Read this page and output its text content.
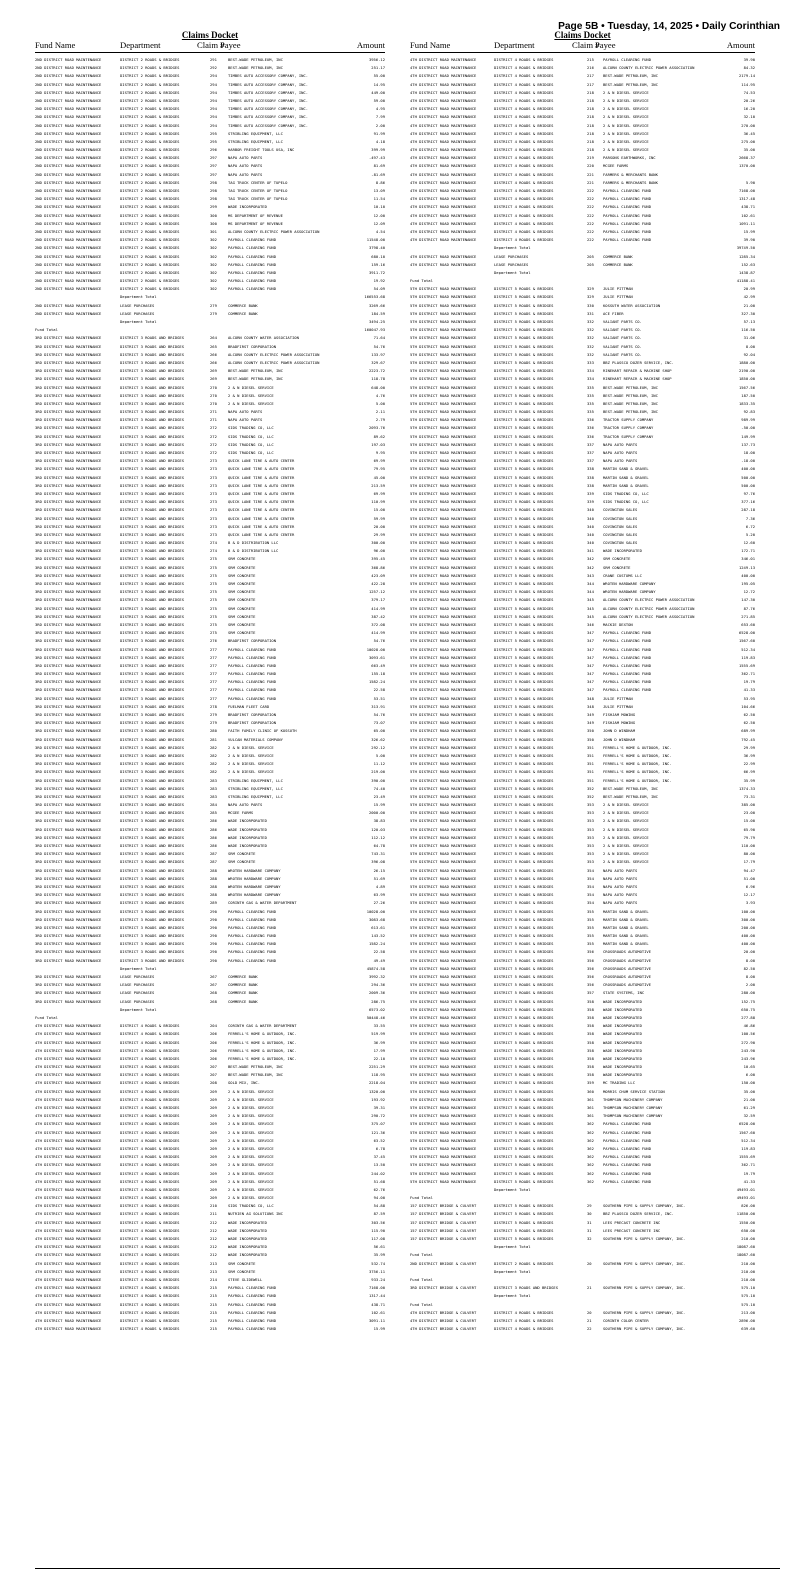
Page 5B • Tuesday, 14, 2025 • Daily Corinthian
Claims Docket
Fund Name	Department	Claim #
Payee	Amount
2ND DISTRICT ROAD MAINTENANCE	DISTRICT 2 ROADS & BRIDGES	291	BEST-WADE PETROLEUM, INC	3956.12
2ND DISTRICT ROAD MAINTENANCE	DISTRICT 2 ROADS & BRIDGES	292	BEST-WADE PETROLEUM, INC	251.17
2ND DISTRICT ROAD MAINTENANCE	DISTRICT 2 ROADS & BRIDGES	294	TIMBES AUTO ACCESSORY COMPANY, INC.	55.00
2ND DISTRICT ROAD MAINTENANCE	DISTRICT 2 ROADS & BRIDGES	294	TIMBES AUTO ACCESSORY COMPANY, INC.	14.95
2ND DISTRICT ROAD MAINTENANCE	DISTRICT 2 ROADS & BRIDGES	294	TIMBES AUTO ACCESSORY COMPANY, INC.	449.00
2ND DISTRICT ROAD MAINTENANCE	DISTRICT 2 ROADS & BRIDGES	294	TIMBES AUTO ACCESSORY COMPANY, INC.	59.00
2ND DISTRICT ROAD MAINTENANCE	DISTRICT 2 ROADS & BRIDGES	294	TIMBES AUTO ACCESSORY COMPANY, INC.	4.95
2ND DISTRICT ROAD MAINTENANCE	DISTRICT 2 ROADS & BRIDGES	294	TIMBES AUTO ACCESSORY COMPANY, INC.	7.99
2ND DISTRICT ROAD MAINTENANCE	DISTRICT 2 ROADS & BRIDGES	294	TIMBES AUTO ACCESSORY COMPANY, INC.	2.00
2ND DISTRICT ROAD MAINTENANCE	DISTRICT 2 ROADS & BRIDGES	295	STRIBLING EQUIPMENT, LLC	91.99
2ND DISTRICT ROAD MAINTENANCE	DISTRICT 2 ROADS & BRIDGES	295	STRIBLING EQUIPMENT, LLC	4.18
2ND DISTRICT ROAD MAINTENANCE	DISTRICT 2 ROADS & BRIDGES	296	HARBOR FREIGHT TOOLS USA, INC	399.99
2ND DISTRICT ROAD MAINTENANCE	DISTRICT 2 ROADS & BRIDGES	297	NAPA AUTO PARTS	-497.43
2ND DISTRICT ROAD MAINTENANCE	DISTRICT 2 ROADS & BRIDGES	297	NAPA AUTO PARTS	81.69
2ND DISTRICT ROAD MAINTENANCE	DISTRICT 2 ROADS & BRIDGES	297	NAPA AUTO PARTS	-81.69
2ND DISTRICT ROAD MAINTENANCE	DISTRICT 2 ROADS & BRIDGES	298	TAG TRUCK CENTER OF TUPELO	8.86
2ND DISTRICT ROAD MAINTENANCE	DISTRICT 2 ROADS & BRIDGES	298	TAG TRUCK CENTER OF TUPELO	13.09
2ND DISTRICT ROAD MAINTENANCE	DISTRICT 2 ROADS & BRIDGES	298	TAG TRUCK CENTER OF TUPELO	11.54
2ND DISTRICT ROAD MAINTENANCE	DISTRICT 2 ROADS & BRIDGES	299	WADE INCORPORATED	10.10
2ND DISTRICT ROAD MAINTENANCE	DISTRICT 2 ROADS & BRIDGES	300	MS DEPARTMENT OF REVENUE	12.00
2ND DISTRICT ROAD MAINTENANCE	DISTRICT 2 ROADS & BRIDGES	300	MS DEPARTMENT OF REVENUE	12.09
2ND DISTRICT ROAD MAINTENANCE	DISTRICT 2 ROADS & BRIDGES	301	ALCORN COUNTY ELECTRIC POWER ASSOCIATION	4.54
2ND DISTRICT ROAD MAINTENANCE	DISTRICT 2 ROADS & BRIDGES	302	PAYROLL CLEARING FUND	11548.00
2ND DISTRICT ROAD MAINTENANCE	DISTRICT 2 ROADS & BRIDGES	302	PAYROLL CLEARING FUND	3798.40
2ND DISTRICT ROAD MAINTENANCE	DISTRICT 2 ROADS & BRIDGES	302	PAYROLL CLEARING FUND	680.10
2ND DISTRICT ROAD MAINTENANCE	DISTRICT 2 ROADS & BRIDGES	302	PAYROLL CLEARING FUND	159.16
2ND DISTRICT ROAD MAINTENANCE	DISTRICT 2 ROADS & BRIDGES	302	PAYROLL CLEARING FUND	3911.72
2ND DISTRICT ROAD MAINTENANCE	DISTRICT 2 ROADS & BRIDGES	302	PAYROLL CLEARING FUND	19.92
2ND DISTRICT ROAD MAINTENANCE	DISTRICT 2 ROADS & BRIDGES	302	PAYROLL CLEARING FUND	54.09
Department Total	166553.68
2ND DISTRICT ROAD MAINTENANCE	LEASE PURCHASES	279	COMMERCE BANK	3269.66
2ND DISTRICT ROAD MAINTENANCE	LEASE PURCHASES	279	COMMERCE BANK	184.59
Department Total	3494.25
Fund Total	160047.93
3RD DISTRICT ROAD MAINTENANCE	DISTRICT 3 ROADS AND BRIDGES	264	ALCORN COUNTY WATER ASSOCIATION	71.64
3RD DISTRICT ROAD MAINTENANCE	DISTRICT 3 ROADS AND BRIDGES	265	BRADFIRST CORPORATION	54.76
3RD DISTRICT ROAD MAINTENANCE	DISTRICT 3 ROADS AND BRIDGES	266	ALCORN COUNTY ELECTRIC POWER ASSOCIATION	133.97
3RD DISTRICT ROAD MAINTENANCE	DISTRICT 3 ROADS AND BRIDGES	266	ALCORN COUNTY ELECTRIC POWER ASSOCIATION	329.67
3RD DISTRICT ROAD MAINTENANCE	DISTRICT 3 ROADS AND BRIDGES	269	BEST-WADE PETROLEUM, INC	2223.72
3RD DISTRICT ROAD MAINTENANCE	DISTRICT 3 ROADS AND BRIDGES	269	BEST-WADE PETROLEUM, INC	118.78
3RD DISTRICT ROAD MAINTENANCE	DISTRICT 3 ROADS AND BRIDGES	270	2 & N DIESEL SERVICE	648.00
3RD DISTRICT ROAD MAINTENANCE	DISTRICT 3 ROADS AND BRIDGES	270	2 & N DIESEL SERVICE	4.76
3RD DISTRICT ROAD MAINTENANCE	DISTRICT 3 ROADS AND BRIDGES	270	2 & N DIESEL SERVICE	5.00
3RD DISTRICT ROAD MAINTENANCE	DISTRICT 3 ROADS AND BRIDGES	271	NAPA AUTO PARTS	2.11
3RD DISTRICT ROAD MAINTENANCE	DISTRICT 3 ROADS AND BRIDGES	271	NAPA AUTO PARTS	2.79
3RD DISTRICT ROAD MAINTENANCE	DISTRICT 3 ROADS AND BRIDGES	272	SIDS TRADING CO, LLC	2093.76
3RD DISTRICT ROAD MAINTENANCE	DISTRICT 3 ROADS AND BRIDGES	272	SIDS TRADING CO, LLC	89.62
3RD DISTRICT ROAD MAINTENANCE	DISTRICT 3 ROADS AND BRIDGES	272	SIDS TRADING CO, LLC	197.03
3RD DISTRICT ROAD MAINTENANCE	DISTRICT 3 ROADS AND BRIDGES	272	SIDS TRADING CO, LLC	9.95
3RD DISTRICT ROAD MAINTENANCE	DISTRICT 3 ROADS AND BRIDGES	273	QUICK LANE TIRE & AUTO CENTER	69.99
3RD DISTRICT ROAD MAINTENANCE	DISTRICT 3 ROADS AND BRIDGES	273	QUICK LANE TIRE & AUTO CENTER	79.95
3RD DISTRICT ROAD MAINTENANCE	DISTRICT 3 ROADS AND BRIDGES	273	QUICK LANE TIRE & AUTO CENTER	45.00
3RD DISTRICT ROAD MAINTENANCE	DISTRICT 3 ROADS AND BRIDGES	273	QUICK LANE TIRE & AUTO CENTER	213.59
3RD DISTRICT ROAD MAINTENANCE	DISTRICT 3 ROADS AND BRIDGES	273	QUICK LANE TIRE & AUTO CENTER	69.99
3RD DISTRICT ROAD MAINTENANCE	DISTRICT 3 ROADS AND BRIDGES	273	QUICK LANE TIRE & AUTO CENTER	110.99
3RD DISTRICT ROAD MAINTENANCE	DISTRICT 3 ROADS AND BRIDGES	273	QUICK LANE TIRE & AUTO CENTER	15.00
3RD DISTRICT ROAD MAINTENANCE	DISTRICT 3 ROADS AND BRIDGES	273	QUICK LANE TIRE & AUTO CENTER	59.99
3RD DISTRICT ROAD MAINTENANCE	DISTRICT 3 ROADS AND BRIDGES	273	QUICK LANE TIRE & AUTO CENTER	20.00
3RD DISTRICT ROAD MAINTENANCE	DISTRICT 3 ROADS AND BRIDGES	273	QUICK LANE TIRE & AUTO CENTER	29.99
3RD DISTRICT ROAD MAINTENANCE	DISTRICT 3 ROADS AND BRIDGES	274	B & D DISTRIBUTION LLC	300.00
3RD DISTRICT ROAD MAINTENANCE	DISTRICT 3 ROADS AND BRIDGES	274	B & D DISTRIBUTION LLC	96.00
3RD DISTRICT ROAD MAINTENANCE	DISTRICT 3 ROADS AND BRIDGES	275	SRM CONCRETE	395.45
3RD DISTRICT ROAD MAINTENANCE	DISTRICT 3 ROADS AND BRIDGES	275	SRM CONCRETE	368.86
3RD DISTRICT ROAD MAINTENANCE	DISTRICT 3 ROADS AND BRIDGES	275	SRM CONCRETE	423.09
3RD DISTRICT ROAD MAINTENANCE	DISTRICT 3 ROADS AND BRIDGES	275	SRM CONCRETE	422.28
3RD DISTRICT ROAD MAINTENANCE	DISTRICT 3 ROADS AND BRIDGES	275	SRM CONCRETE	1257.12
3RD DISTRICT ROAD MAINTENANCE	DISTRICT 3 ROADS AND BRIDGES	275	SRM CONCRETE	379.17
3RD DISTRICT ROAD MAINTENANCE	DISTRICT 3 ROADS AND BRIDGES	275	SRM CONCRETE	414.99
3RD DISTRICT ROAD MAINTENANCE	DISTRICT 3 ROADS AND BRIDGES	275	SRM CONCRETE	387.42
3RD DISTRICT ROAD MAINTENANCE	DISTRICT 3 ROADS AND BRIDGES	275	SRM CONCRETE	372.08
3RD DISTRICT ROAD MAINTENANCE	DISTRICT 3 ROADS AND BRIDGES	275	SRM CONCRETE	414.99
3RD DISTRICT ROAD MAINTENANCE	DISTRICT 3 ROADS AND BRIDGES	276	BRADFIRST CORPORATION	54.76
3RD DISTRICT ROAD MAINTENANCE	DISTRICT 3 ROADS AND BRIDGES	277	PAYROLL CLEARING FUND	10028.00
3RD DISTRICT ROAD MAINTENANCE	DISTRICT 3 ROADS AND BRIDGES	277	PAYROLL CLEARING FUND	3093.61
3RD DISTRICT ROAD MAINTENANCE	DISTRICT 3 ROADS AND BRIDGES	277	PAYROLL CLEARING FUND	663.49
3RD DISTRICT ROAD MAINTENANCE	DISTRICT 3 ROADS AND BRIDGES	277	PAYROLL CLEARING FUND	155.18
3RD DISTRICT ROAD MAINTENANCE	DISTRICT 3 ROADS AND BRIDGES	277	PAYROLL CLEARING FUND	1582.24
3RD DISTRICT ROAD MAINTENANCE	DISTRICT 3 ROADS AND BRIDGES	277	PAYROLL CLEARING FUND	22.58
3RD DISTRICT ROAD MAINTENANCE	DISTRICT 3 ROADS AND BRIDGES	277	PAYROLL CLEARING FUND	53.51
3RD DISTRICT ROAD MAINTENANCE	DISTRICT 3 ROADS AND BRIDGES	278	FUELMAN FLEET CARD	313.91
3RD DISTRICT ROAD MAINTENANCE	DISTRICT 3 ROADS AND BRIDGES	279	BRADFIRST CORPORATION	54.76
3RD DISTRICT ROAD MAINTENANCE	DISTRICT 3 ROADS AND BRIDGES	279	BRADFIRST CORPORATION	73.07
3RD DISTRICT ROAD MAINTENANCE	DISTRICT 3 ROADS AND BRIDGES	280	FAITH FAMILY CLINIC OF KOSSUTH	65.00
3RD DISTRICT ROAD MAINTENANCE	DISTRICT 3 ROADS AND BRIDGES	281	VULCAN MATERIALS COMPANY	326.62
3RD DISTRICT ROAD MAINTENANCE	DISTRICT 3 ROADS AND BRIDGES	282	2 & N DIESEL SERVICE	292.12
3RD DISTRICT ROAD MAINTENANCE	DISTRICT 3 ROADS AND BRIDGES	282	2 & N DIESEL SERVICE	5.00
3RD DISTRICT ROAD MAINTENANCE	DISTRICT 3 ROADS AND BRIDGES	282	2 & N DIESEL SERVICE	11.12
3RD DISTRICT ROAD MAINTENANCE	DISTRICT 3 ROADS AND BRIDGES	282	2 & N DIESEL SERVICE	219.00
3RD DISTRICT ROAD MAINTENANCE	DISTRICT 3 ROADS AND BRIDGES	283	STRIBLING EQUIPMENT, LLC	390.00
3RD DISTRICT ROAD MAINTENANCE	DISTRICT 3 ROADS AND BRIDGES	283	STRIBLING EQUIPMENT, LLC	74.40
3RD DISTRICT ROAD MAINTENANCE	DISTRICT 3 ROADS AND BRIDGES	283	STRIBLING EQUIPMENT, LLC	23.49
3RD DISTRICT ROAD MAINTENANCE	DISTRICT 3 ROADS AND BRIDGES	284	NAPA AUTO PARTS	15.99
3RD DISTRICT ROAD MAINTENANCE	DISTRICT 3 ROADS AND BRIDGES	285	MCGEE FARMS	2000.00
3RD DISTRICT ROAD MAINTENANCE	DISTRICT 3 ROADS AND BRIDGES	286	WADE INCORPORATED	38.83
3RD DISTRICT ROAD MAINTENANCE	DISTRICT 3 ROADS AND BRIDGES	286	WADE INCORPORATED	120.03
3RD DISTRICT ROAD MAINTENANCE	DISTRICT 3 ROADS AND BRIDGES	286	WADE INCORPORATED	112.12
3RD DISTRICT ROAD MAINTENANCE	DISTRICT 3 ROADS AND BRIDGES	286	WADE INCORPORATED	64.78
3RD DISTRICT ROAD MAINTENANCE	DISTRICT 3 ROADS AND BRIDGES	287	SRM CONCRETE	743.31
3RD DISTRICT ROAD MAINTENANCE	DISTRICT 3 ROADS AND BRIDGES	287	SRM CONCRETE	396.08
3RD DISTRICT ROAD MAINTENANCE	DISTRICT 3 ROADS AND BRIDGES	288	WROTEN HARDWARE COMPANY	26.15
3RD DISTRICT ROAD MAINTENANCE	DISTRICT 3 ROADS AND BRIDGES	288	WROTEN HARDWARE COMPANY	51.69
3RD DISTRICT ROAD MAINTENANCE	DISTRICT 3 ROADS AND BRIDGES	288	WROTEN HARDWARE COMPANY	4.89
3RD DISTRICT ROAD MAINTENANCE	DISTRICT 3 ROADS AND BRIDGES	288	WROTEN HARDWARE COMPANY	63.99
3RD DISTRICT ROAD MAINTENANCE	DISTRICT 3 ROADS AND BRIDGES	289	CORINTH GAS & WATER DEPARTMENT	27.26
3RD DISTRICT ROAD MAINTENANCE	DISTRICT 3 ROADS AND BRIDGES	290	PAYROLL CLEARING FUND	10028.00
3RD DISTRICT ROAD MAINTENANCE	DISTRICT 3 ROADS AND BRIDGES	290	PAYROLL CLEARING FUND	3083.68
3RD DISTRICT ROAD MAINTENANCE	DISTRICT 3 ROADS AND BRIDGES	290	PAYROLL CLEARING FUND	613.61
3RD DISTRICT ROAD MAINTENANCE	DISTRICT 3 ROADS AND BRIDGES	290	PAYROLL CLEARING FUND	143.52
3RD DISTRICT ROAD MAINTENANCE	DISTRICT 3 ROADS AND BRIDGES	290	PAYROLL CLEARING FUND	1582.24
3RD DISTRICT ROAD MAINTENANCE	DISTRICT 3 ROADS AND BRIDGES	290	PAYROLL CLEARING FUND	22.58
3RD DISTRICT ROAD MAINTENANCE	DISTRICT 3 ROADS AND BRIDGES	290	PAYROLL CLEARING FUND	49.49
Department Total	45874.58
3RD DISTRICT ROAD MAINTENANCE	LEASE PURCHASES	267	COMMERCE BANK	3992.32
3RD DISTRICT ROAD MAINTENANCE	LEASE PURCHASES	267	COMMERCE BANK	294.36
3RD DISTRICT ROAD MAINTENANCE	LEASE PURCHASES	268	COMMERCE BANK	2009.36
3RD DISTRICT ROAD MAINTENANCE	LEASE PURCHASES	268	COMMERCE BANK	286.75
Department Total	6573.02
Fund Total	50448.46
4TH DISTRICT ROAD MAINTENANCE	DISTRICT 4 ROADS & BRIDGES	204	CORINTH GAS & WATER DEPARTMENT	33.55
4TH DISTRICT ROAD MAINTENANCE	DISTRICT 4 ROADS & BRIDGES	206	FERRELL'S HOME & OUTDOOR, INC.	519.99
4TH DISTRICT ROAD MAINTENANCE	DISTRICT 4 ROADS & BRIDGES	206	FERRELL'S HOME & OUTDOOR, INC.	36.99
4TH DISTRICT ROAD MAINTENANCE	DISTRICT 4 ROADS & BRIDGES	206	FERRELL'S HOME & OUTDOOR, INC.	17.99
4TH DISTRICT ROAD MAINTENANCE	DISTRICT 4 ROADS & BRIDGES	206	FERRELL'S HOME & OUTDOOR, INC.	22.10
4TH DISTRICT ROAD MAINTENANCE	DISTRICT 4 ROADS & BRIDGES	207	BEST-WADE PETROLEUM, INC	2251.29
4TH DISTRICT ROAD MAINTENANCE	DISTRICT 4 ROADS & BRIDGES	207	BEST-WADE PETROLEUM, INC	118.95
4TH DISTRICT ROAD MAINTENANCE	DISTRICT 4 ROADS & BRIDGES	208	GOLD MIX, INC.	2218.04
4TH DISTRICT ROAD MAINTENANCE	DISTRICT 4 ROADS & BRIDGES	209	2 & N DIESEL SERVICE	1320.00
4TH DISTRICT ROAD MAINTENANCE	DISTRICT 4 ROADS & BRIDGES	209	2 & N DIESEL SERVICE	193.92
4TH DISTRICT ROAD MAINTENANCE	DISTRICT 4 ROADS & BRIDGES	209	2 & N DIESEL SERVICE	39.31
4TH DISTRICT ROAD MAINTENANCE	DISTRICT 4 ROADS & BRIDGES	209	2 & N DIESEL SERVICE	290.72
4TH DISTRICT ROAD MAINTENANCE	DISTRICT 4 ROADS & BRIDGES	209	2 & N DIESEL SERVICE	375.07
4TH DISTRICT ROAD MAINTENANCE	DISTRICT 4 ROADS & BRIDGES	209	2 & N DIESEL SERVICE	121.36
4TH DISTRICT ROAD MAINTENANCE	DISTRICT 4 ROADS & BRIDGES	209	2 & N DIESEL SERVICE	63.52
4TH DISTRICT ROAD MAINTENANCE	DISTRICT 4 ROADS & BRIDGES	209	2 & N DIESEL SERVICE	6.78
4TH DISTRICT ROAD MAINTENANCE	DISTRICT 4 ROADS & BRIDGES	209	2 & N DIESEL SERVICE	37.45
4TH DISTRICT ROAD MAINTENANCE	DISTRICT 4 ROADS & BRIDGES	209	2 & N DIESEL SERVICE	13.50
4TH DISTRICT ROAD MAINTENANCE	DISTRICT 4 ROADS & BRIDGES	209	2 & N DIESEL SERVICE	244.02
4TH DISTRICT ROAD MAINTENANCE	DISTRICT 4 ROADS & BRIDGES	209	2 & N DIESEL SERVICE	51.68
4TH DISTRICT ROAD MAINTENANCE	DISTRICT 4 ROADS & BRIDGES	209	2 & N DIESEL SERVICE	62.76
4TH DISTRICT ROAD MAINTENANCE	DISTRICT 4 ROADS & BRIDGES	209	2 & N DIESEL SERVICE	94.00
4TH DISTRICT ROAD MAINTENANCE	DISTRICT 4 ROADS & BRIDGES	210	SIDS TRADING CO, LLC	54.88
4TH DISTRICT ROAD MAINTENANCE	DISTRICT 4 ROADS & BRIDGES	211	NUTRIEN AG SOLUTIONS INC	87.59
4TH DISTRICT ROAD MAINTENANCE	DISTRICT 4 ROADS & BRIDGES	212	WADE INCORPORATED	303.56
4TH DISTRICT ROAD MAINTENANCE	DISTRICT 4 ROADS & BRIDGES	212	WADE INCORPORATED	115.90
4TH DISTRICT ROAD MAINTENANCE	DISTRICT 4 ROADS & BRIDGES	212	WADE INCORPORATED	117.08
4TH DISTRICT ROAD MAINTENANCE	DISTRICT 4 ROADS & BRIDGES	212	WADE INCORPORATED	56.61
4TH DISTRICT ROAD MAINTENANCE	DISTRICT 4 ROADS & BRIDGES	212	WADE INCORPORATED	35.99
4TH DISTRICT ROAD MAINTENANCE	DISTRICT 4 ROADS & BRIDGES	213	SRM CONCRETE	532.74
4TH DISTRICT ROAD MAINTENANCE	DISTRICT 4 ROADS & BRIDGES	213	SRM CONCRETE	3756.11
4TH DISTRICT ROAD MAINTENANCE	DISTRICT 4 ROADS & BRIDGES	214	STEVE GLIDEWELL	933.24
4TH DISTRICT ROAD MAINTENANCE	DISTRICT 4 ROADS & BRIDGES	215	PAYROLL CLEARING FUND	7168.00
4TH DISTRICT ROAD MAINTENANCE	DISTRICT 4 ROADS & BRIDGES	215	PAYROLL CLEARING FUND	1317.44
4TH DISTRICT ROAD MAINTENANCE	DISTRICT 4 ROADS & BRIDGES	215	PAYROLL CLEARING FUND	438.71
4TH DISTRICT ROAD MAINTENANCE	DISTRICT 4 ROADS & BRIDGES	215	PAYROLL CLEARING FUND	102.61
4TH DISTRICT ROAD MAINTENANCE	DISTRICT 4 ROADS & BRIDGES	215	PAYROLL CLEARING FUND	3091.11
4TH DISTRICT ROAD MAINTENANCE	DISTRICT 4 ROADS & BRIDGES	215	PAYROLL CLEARING FUND	15.99
Claims Docket
Fund Name	Department	Claim #
Payee	Amount
4TH DISTRICT ROAD MAINTENANCE	DISTRICT 4 ROADS & BRIDGES	215 PAYROLL CLEARING FUND	39.90
4TH DISTRICT ROAD MAINTENANCE	DISTRICT 4 ROADS & BRIDGES	216 ALCORN COUNTY ELECTRIC POWER ASSOCIATION	84.32
4TH DISTRICT ROAD MAINTENANCE	DISTRICT 4 ROADS & BRIDGES	217 BEST-WADE PETROLEUM, INC	2179.14
4TH DISTRICT ROAD MAINTENANCE	DISTRICT 4 ROADS & BRIDGES	217 BEST-WADE PETROLEUM, INC	114.95
4TH DISTRICT ROAD MAINTENANCE	DISTRICT 4 ROADS & BRIDGES	218 2 & N DIESEL SERVICE	74.53
4TH DISTRICT ROAD MAINTENANCE	DISTRICT 4 ROADS & BRIDGES	218 2 & N DIESEL SERVICE	20.26
4TH DISTRICT ROAD MAINTENANCE	DISTRICT 4 ROADS & BRIDGES	218 2 & N DIESEL SERVICE	16.20
4TH DISTRICT ROAD MAINTENANCE	DISTRICT 4 ROADS & BRIDGES	218 2 & N DIESEL SERVICE	32.10
4TH DISTRICT ROAD MAINTENANCE	DISTRICT 4 ROADS & BRIDGES	218 2 & N DIESEL SERVICE	270.00
4TH DISTRICT ROAD MAINTENANCE	DISTRICT 4 ROADS & BRIDGES	218 2 & N DIESEL SERVICE	36.45
4TH DISTRICT ROAD MAINTENANCE	DISTRICT 4 ROADS & BRIDGES	218 2 & N DIESEL SERVICE	275.00
4TH DISTRICT ROAD MAINTENANCE	DISTRICT 4 ROADS & BRIDGES	218 2 & N DIESEL SERVICE	35.00
4TH DISTRICT ROAD MAINTENANCE	DISTRICT 4 ROADS & BRIDGES	219 PARSONS EARTHWORKS, INC	2668.37
4TH DISTRICT ROAD MAINTENANCE	DISTRICT 4 ROADS & BRIDGES	220 MCGEE FARMS	1370.00
4TH DISTRICT ROAD MAINTENANCE	DISTRICT 4 ROADS & BRIDGES	221 FARMERS & MERCHANTS BANK
4TH DISTRICT ROAD MAINTENANCE	DISTRICT 4 ROADS & BRIDGES	221 FARMERS & MERCHANTS BANK	5.90
4TH DISTRICT ROAD MAINTENANCE	DISTRICT 4 ROADS & BRIDGES	222 PAYROLL CLEARING FUND	7168.00
4TH DISTRICT ROAD MAINTENANCE	DISTRICT 4 ROADS & BRIDGES	222 PAYROLL CLEARING FUND	1317.48
4TH DISTRICT ROAD MAINTENANCE	DISTRICT 4 ROADS & BRIDGES	222 PAYROLL CLEARING FUND	438.71
4TH DISTRICT ROAD MAINTENANCE	DISTRICT 4 ROADS & BRIDGES	222 PAYROLL CLEARING FUND	102.61
4TH DISTRICT ROAD MAINTENANCE	DISTRICT 4 ROADS & BRIDGES	222 PAYROLL CLEARING FUND	1091.11
4TH DISTRICT ROAD MAINTENANCE	DISTRICT 4 ROADS & BRIDGES	222 PAYROLL CLEARING FUND	15.99
4TH DISTRICT ROAD MAINTENANCE	DISTRICT 4 ROADS & BRIDGES	222 PAYROLL CLEARING FUND	39.90
Department Total	39749.50
4TH DISTRICT ROAD MAINTENANCE	LEASE PURCHASES	205 COMMERCE BANK	1285.34
4TH DISTRICT ROAD MAINTENANCE	LEASE PURCHASES	205 COMMERCE BANK	152.63
Department Total	1438.87
Fund Total	41188.41
5TH DISTRICT ROAD MAINTENANCE	DISTRICT 5 ROADS & BRIDGES	329 JULIE PITTMAN	20.99
5TH DISTRICT ROAD MAINTENANCE	DISTRICT 5 ROADS & BRIDGES	329 JULIE PITTMAN	42.99
5TH DISTRICT ROAD MAINTENANCE	DISTRICT 5 ROADS & BRIDGES	330 KOSSUTH WATER ASSOCIATION	21.00
5TH DISTRICT ROAD MAINTENANCE	DISTRICT 5 ROADS & BRIDGES	331 ACE FIBER	327.30
5TH DISTRICT ROAD MAINTENANCE	DISTRICT 5 ROADS & BRIDGES	332 VALIANT PARTS CO.	57.13
5TH DISTRICT ROAD MAINTENANCE	DISTRICT 5 ROADS & BRIDGES	332 VALIANT PARTS CO.	116.50
5TH DISTRICT ROAD MAINTENANCE	DISTRICT 5 ROADS & BRIDGES	332 VALIANT PARTS CO.	31.06
5TH DISTRICT ROAD MAINTENANCE	DISTRICT 5 ROADS & BRIDGES	332 VALIANT PARTS CO.	8.00
5TH DISTRICT ROAD MAINTENANCE	DISTRICT 5 ROADS & BRIDGES	332 VALIANT PARTS CO.	92.04
5TH DISTRICT ROAD MAINTENANCE	DISTRICT 5 ROADS & BRIDGES	333 BBZ PLASSCO DOZER SERVICE, INC.	1880.00
5TH DISTRICT ROAD MAINTENANCE	DISTRICT 5 ROADS & BRIDGES	334 RINEHART REPAIR & MACHINE SHOP	2190.00
5TH DISTRICT ROAD MAINTENANCE	DISTRICT 5 ROADS & BRIDGES	334 RINEHART REPAIR & MACHINE SHOP	1850.00
5TH DISTRICT ROAD MAINTENANCE	DISTRICT 5 ROADS & BRIDGES	335 BEST-WADE PETROLEUM, INC	1567.56
5TH DISTRICT ROAD MAINTENANCE	DISTRICT 5 ROADS & BRIDGES	335 BEST-WADE PETROLEUM, INC	187.50
5TH DISTRICT ROAD MAINTENANCE	DISTRICT 5 ROADS & BRIDGES	335 BEST-WADE PETROLEUM, INC	1833.35
5TH DISTRICT ROAD MAINTENANCE	DISTRICT 5 ROADS & BRIDGES	335 BEST-WADE PETROLEUM, INC	92.83
5TH DISTRICT ROAD MAINTENANCE	DISTRICT 5 ROADS & BRIDGES	336 TRACTOR SUPPLY COMPANY	989.99
5TH DISTRICT ROAD MAINTENANCE	DISTRICT 5 ROADS & BRIDGES	336 TRACTOR SUPPLY COMPANY	-50.00
5TH DISTRICT ROAD MAINTENANCE	DISTRICT 5 ROADS & BRIDGES	336 TRACTOR SUPPLY COMPANY	149.99
5TH DISTRICT ROAD MAINTENANCE	DISTRICT 5 ROADS & BRIDGES	337 NAPA AUTO PARTS	137.73
5TH DISTRICT ROAD MAINTENANCE	DISTRICT 5 ROADS & BRIDGES	337 NAPA AUTO PARTS	18.00
5TH DISTRICT ROAD MAINTENANCE	DISTRICT 5 ROADS & BRIDGES	337 NAPA AUTO PARTS	-18.00
5TH DISTRICT ROAD MAINTENANCE	DISTRICT 5 ROADS & BRIDGES	338 MARTIN SAND & GRAVEL	400.00
5TH DISTRICT ROAD MAINTENANCE	DISTRICT 5 ROADS & BRIDGES	338 MARTIN SAND & GRAVEL	500.00
5TH DISTRICT ROAD MAINTENANCE	DISTRICT 5 ROADS & BRIDGES	338 MARTIN SAND & GRAVEL	500.00
5TH DISTRICT ROAD MAINTENANCE	DISTRICT 5 ROADS & BRIDGES	339 SIDS TRADING CO, LLC	97.76
5TH DISTRICT ROAD MAINTENANCE	DISTRICT 5 ROADS & BRIDGES	339 SIDS TRADING CO, LLC	377.16
5TH DISTRICT ROAD MAINTENANCE	DISTRICT 5 ROADS & BRIDGES	340 COVINGTON SALES	287.18
5TH DISTRICT ROAD MAINTENANCE	DISTRICT 5 ROADS & BRIDGES	340 COVINGTON SALES	7.36
5TH DISTRICT ROAD MAINTENANCE	DISTRICT 5 ROADS & BRIDGES	340 COVINGTON SALES	6.72
5TH DISTRICT ROAD MAINTENANCE	DISTRICT 5 ROADS & BRIDGES	340 COVINGTON SALES	5.20
5TH DISTRICT ROAD MAINTENANCE	DISTRICT 5 ROADS & BRIDGES	340 COVINGTON SALES	12.60
5TH DISTRICT ROAD MAINTENANCE	DISTRICT 5 ROADS & BRIDGES	341 WADE INCORPORATED	172.71
5TH DISTRICT ROAD MAINTENANCE	DISTRICT 5 ROADS & BRIDGES	342 SRM CONCRETE	346.01
5TH DISTRICT ROAD MAINTENANCE	DISTRICT 5 ROADS & BRIDGES	342 SRM CONCRETE	1249.13
5TH DISTRICT ROAD MAINTENANCE	DISTRICT 5 ROADS & BRIDGES	343 CRANE CUSTOMS LLC	400.00
5TH DISTRICT ROAD MAINTENANCE	DISTRICT 5 ROADS & BRIDGES	344 WROTEN HARDWARE COMPANY	195.05
5TH DISTRICT ROAD MAINTENANCE	DISTRICT 5 ROADS & BRIDGES	344 WROTEN HARDWARE COMPANY	12.72
5TH DISTRICT ROAD MAINTENANCE	DISTRICT 5 ROADS & BRIDGES	345 ALCORN COUNTY ELECTRIC POWER ASSOCIATION	147.30
5TH DISTRICT ROAD MAINTENANCE	DISTRICT 5 ROADS & BRIDGES	345 ALCORN COUNTY ELECTRIC POWER ASSOCIATION	87.76
5TH DISTRICT ROAD MAINTENANCE	DISTRICT 5 ROADS & BRIDGES	345 ALCORN COUNTY ELECTRIC POWER ASSOCIATION	271.85
5TH DISTRICT ROAD MAINTENANCE	DISTRICT 5 ROADS & BRIDGES	346 MACKIE DEXTON	653.60
5TH DISTRICT ROAD MAINTENANCE	DISTRICT 5 ROADS & BRIDGES	347 PAYROLL CLEARING FUND	6528.00
5TH DISTRICT ROAD MAINTENANCE	DISTRICT 5 ROADS & BRIDGES	347 PAYROLL CLEARING FUND	1567.60
5TH DISTRICT ROAD MAINTENANCE	DISTRICT 5 ROADS & BRIDGES	347 PAYROLL CLEARING FUND	512.34
5TH DISTRICT ROAD MAINTENANCE	DISTRICT 5 ROADS & BRIDGES	347 PAYROLL CLEARING FUND	119.83
5TH DISTRICT ROAD MAINTENANCE	DISTRICT 5 ROADS & BRIDGES	347 PAYROLL CLEARING FUND	1555.69
5TH DISTRICT ROAD MAINTENANCE	DISTRICT 5 ROADS & BRIDGES	347 PAYROLL CLEARING FUND	362.71
5TH DISTRICT ROAD MAINTENANCE	DISTRICT 5 ROADS & BRIDGES	347 PAYROLL CLEARING FUND	19.79
5TH DISTRICT ROAD MAINTENANCE	DISTRICT 5 ROADS & BRIDGES	347 PAYROLL CLEARING FUND	41.33
5TH DISTRICT ROAD MAINTENANCE	DISTRICT 5 ROADS & BRIDGES	348 JULIE PITTMAN	53.95
5TH DISTRICT ROAD MAINTENANCE	DISTRICT 5 ROADS & BRIDGES	348 JULIE PITTMAN	104.66
5TH DISTRICT ROAD MAINTENANCE	DISTRICT 5 ROADS & BRIDGES	349 FISHJAM MOWING	62.50
5TH DISTRICT ROAD MAINTENANCE	DISTRICT 5 ROADS & BRIDGES	349 FISHJAM MOWING	62.50
5TH DISTRICT ROAD MAINTENANCE	DISTRICT 5 ROADS & BRIDGES	350 JOHN D WINDHAM	689.99
5TH DISTRICT ROAD MAINTENANCE	DISTRICT 5 ROADS & BRIDGES	350 JOHN D WINDHAM	792.45
5TH DISTRICT ROAD MAINTENANCE	DISTRICT 5 ROADS & BRIDGES	351 FERRELL'S HOME & OUTDOOR, INC.	29.99
5TH DISTRICT ROAD MAINTENANCE	DISTRICT 5 ROADS & BRIDGES	351 FERRELL'S HOME & OUTDOOR, INC.	36.99
5TH DISTRICT ROAD MAINTENANCE	DISTRICT 5 ROADS & BRIDGES	351 FERRELL'S HOME & OUTDOOR, INC.	22.99
5TH DISTRICT ROAD MAINTENANCE	DISTRICT 5 ROADS & BRIDGES	351 FERRELL'S HOME & OUTDOOR, INC.	66.99
5TH DISTRICT ROAD MAINTENANCE	DISTRICT 5 ROADS & BRIDGES	351 FERRELL'S HOME & OUTDOOR, INC.	35.99
5TH DISTRICT ROAD MAINTENANCE	DISTRICT 5 ROADS & BRIDGES	352 BEST-WADE PETROLEUM, INC	1374.33
5TH DISTRICT ROAD MAINTENANCE	DISTRICT 5 ROADS & BRIDGES	352 BEST-WADE PETROLEUM, INC	73.31
5TH DISTRICT ROAD MAINTENANCE	DISTRICT 5 ROADS & BRIDGES	353 2 & N DIESEL SERVICE	385.00
5TH DISTRICT ROAD MAINTENANCE	DISTRICT 5 ROADS & BRIDGES	353 2 & N DIESEL SERVICE	23.00
5TH DISTRICT ROAD MAINTENANCE	DISTRICT 5 ROADS & BRIDGES	353 2 & N DIESEL SERVICE	15.00
5TH DISTRICT ROAD MAINTENANCE	DISTRICT 5 ROADS & BRIDGES	353 2 & N DIESEL SERVICE	65.90
5TH DISTRICT ROAD MAINTENANCE	DISTRICT 5 ROADS & BRIDGES	353 2 & N DIESEL SERVICE	79.79
5TH DISTRICT ROAD MAINTENANCE	DISTRICT 5 ROADS & BRIDGES	353 2 & N DIESEL SERVICE	110.00
5TH DISTRICT ROAD MAINTENANCE	DISTRICT 5 ROADS & BRIDGES	353 2 & N DIESEL SERVICE	80.00
5TH DISTRICT ROAD MAINTENANCE	DISTRICT 5 ROADS & BRIDGES	353 2 & N DIESEL SERVICE	17.79
5TH DISTRICT ROAD MAINTENANCE	DISTRICT 5 ROADS & BRIDGES	354 NAPA AUTO PARTS	94.47
5TH DISTRICT ROAD MAINTENANCE	DISTRICT 5 ROADS & BRIDGES	354 NAPA AUTO PARTS	51.00
5TH DISTRICT ROAD MAINTENANCE	DISTRICT 5 ROADS & BRIDGES	354 NAPA AUTO PARTS	6.96
5TH DISTRICT ROAD MAINTENANCE	DISTRICT 5 ROADS & BRIDGES	354 NAPA AUTO PARTS	12.17
5TH DISTRICT ROAD MAINTENANCE	DISTRICT 5 ROADS & BRIDGES	354 NAPA AUTO PARTS	3.93
5TH DISTRICT ROAD MAINTENANCE	DISTRICT 5 ROADS & BRIDGES	355 MARTIN SAND & GRAVEL	100.00
5TH DISTRICT ROAD MAINTENANCE	DISTRICT 5 ROADS & BRIDGES	355 MARTIN SAND & GRAVEL	300.00
5TH DISTRICT ROAD MAINTENANCE	DISTRICT 5 ROADS & BRIDGES	355 MARTIN SAND & GRAVEL	200.00
5TH DISTRICT ROAD MAINTENANCE	DISTRICT 5 ROADS & BRIDGES	355 MARTIN SAND & GRAVEL	400.00
5TH DISTRICT ROAD MAINTENANCE	DISTRICT 5 ROADS & BRIDGES	355 MARTIN SAND & GRAVEL	400.00
5TH DISTRICT ROAD MAINTENANCE	DISTRICT 5 ROADS & BRIDGES	356 CROSSROADS AUTOMOTIVE	20.00
5TH DISTRICT ROAD MAINTENANCE	DISTRICT 5 ROADS & BRIDGES	356 CROSSROADS AUTOMOTIVE	8.00
5TH DISTRICT ROAD MAINTENANCE	DISTRICT 5 ROADS & BRIDGES	356 CROSSROADS AUTOMOTIVE	82.50
5TH DISTRICT ROAD MAINTENANCE	DISTRICT 5 ROADS & BRIDGES	356 CROSSROADS AUTOMOTIVE	8.00
5TH DISTRICT ROAD MAINTENANCE	DISTRICT 5 ROADS & BRIDGES	356 CROSSROADS AUTOMOTIVE	2.00
5TH DISTRICT ROAD MAINTENANCE	DISTRICT 5 ROADS & BRIDGES	357 STATE SYSTEMS, INC	280.00
5TH DISTRICT ROAD MAINTENANCE	DISTRICT 5 ROADS & BRIDGES	358 WADE INCORPORATED	152.75
5TH DISTRICT ROAD MAINTENANCE	DISTRICT 5 ROADS & BRIDGES	358 WADE INCORPORATED	650.75
5TH DISTRICT ROAD MAINTENANCE	DISTRICT 5 ROADS & BRIDGES	358 WADE INCORPORATED	277.88
5TH DISTRICT ROAD MAINTENANCE	DISTRICT 5 ROADS & BRIDGES	358 WADE INCORPORATED	46.86
5TH DISTRICT ROAD MAINTENANCE	DISTRICT 5 ROADS & BRIDGES	358 WADE INCORPORATED	100.56
5TH DISTRICT ROAD MAINTENANCE	DISTRICT 5 ROADS & BRIDGES	358 WADE INCORPORATED	272.90
5TH DISTRICT ROAD MAINTENANCE	DISTRICT 5 ROADS & BRIDGES	358 WADE INCORPORATED	243.90
5TH DISTRICT ROAD MAINTENANCE	DISTRICT 5 ROADS & BRIDGES	358 WADE INCORPORATED	243.96
5TH DISTRICT ROAD MAINTENANCE	DISTRICT 5 ROADS & BRIDGES	358 WADE INCORPORATED	10.65
5TH DISTRICT ROAD MAINTENANCE	DISTRICT 5 ROADS & BRIDGES	358 WADE INCORPORATED	6.00
5TH DISTRICT ROAD MAINTENANCE	DISTRICT 5 ROADS & BRIDGES	359 MC TRADING LLC	150.00
5TH DISTRICT ROAD MAINTENANCE	DISTRICT 5 ROADS & BRIDGES	360 MORRIS CHUM SERVICE STATION	35.00
5TH DISTRICT ROAD MAINTENANCE	DISTRICT 5 ROADS & BRIDGES	361 THOMPSON MACHINERY COMPANY	21.00
5TH DISTRICT ROAD MAINTENANCE	DISTRICT 5 ROADS & BRIDGES	361 THOMPSON MACHINERY COMPANY	61.29
5TH DISTRICT ROAD MAINTENANCE	DISTRICT 5 ROADS & BRIDGES	361 THOMPSON MACHINERY COMPANY	32.59
5TH DISTRICT ROAD MAINTENANCE	DISTRICT 5 ROADS & BRIDGES	362 PAYROLL CLEARING FUND	6528.00
5TH DISTRICT ROAD MAINTENANCE	DISTRICT 5 ROADS & BRIDGES	362 PAYROLL CLEARING FUND	1567.60
5TH DISTRICT ROAD MAINTENANCE	DISTRICT 5 ROADS & BRIDGES	362 PAYROLL CLEARING FUND	512.34
5TH DISTRICT ROAD MAINTENANCE	DISTRICT 5 ROADS & BRIDGES	362 PAYROLL CLEARING FUND	119.83
5TH DISTRICT ROAD MAINTENANCE	DISTRICT 5 ROADS & BRIDGES	362 PAYROLL CLEARING FUND	1555.69
5TH DISTRICT ROAD MAINTENANCE	DISTRICT 5 ROADS & BRIDGES	362 PAYROLL CLEARING FUND	362.71
5TH DISTRICT ROAD MAINTENANCE	DISTRICT 5 ROADS & BRIDGES	362 PAYROLL CLEARING FUND	19.79
5TH DISTRICT ROAD MAINTENANCE	DISTRICT 5 ROADS & BRIDGES	362 PAYROLL CLEARING FUND	41.33
Department Total	49493.01
Fund Total	49493.01
157 DISTRICT BRIDGE & CULVERT	DISTRICT 5 ROADS & BRIDGES	29	SOUTHERN PIPE & SUPPLY COMPANY, INC.	826.00
157 DISTRICT BRIDGE & CULVERT	DISTRICT 5 ROADS & BRIDGES	30	BBZ PLASSCO DOZER SERVICE, INC.	11850.00
157 DISTRICT BRIDGE & CULVERT	DISTRICT 5 ROADS & BRIDGES	31	LEES PRECAST CONCRETE INC	1550.00
157 DISTRICT BRIDGE & CULVERT	DISTRICT 5 ROADS & BRIDGES	31	LEES PRECAST CONCRETE INC	650.00
157 DISTRICT BRIDGE & CULVERT	DISTRICT 5 ROADS & BRIDGES	32	SOUTHERN PIPE & SUPPLY COMPANY, INC.	210.00
Department Total	18087.60
Fund Total	18087.60
2ND DISTRICT BRIDGE & CULVERT	DISTRICT 2 ROADS & BRIDGES	20	SOUTHERN PIPE & SUPPLY COMPANY, INC.	210.00
Department Total	210.00
Fund Total	210.00
3RD DISTRICT BRIDGE & CULVERT	DISTRICT 3 ROADS AND BRIDGES	21	SOUTHERN PIPE & SUPPLY COMPANY, INC.	575.10
Department Total	575.10
Fund Total	575.10
4TH DISTRICT BRIDGE & CULVERT	DISTRICT 4 ROADS & BRIDGES	20	SOUTHERN PIPE & SUPPLY COMPANY, INC.	213.00
4TH DISTRICT BRIDGE & CULVERT	DISTRICT 4 ROADS & BRIDGES	21	CORINTH COLOR CENTER	2896.00
4TH DISTRICT BRIDGE & CULVERT	DISTRICT 4 ROADS & BRIDGES	22	SOUTHERN PIPE & SUPPLY COMPANY, INC.	639.60
